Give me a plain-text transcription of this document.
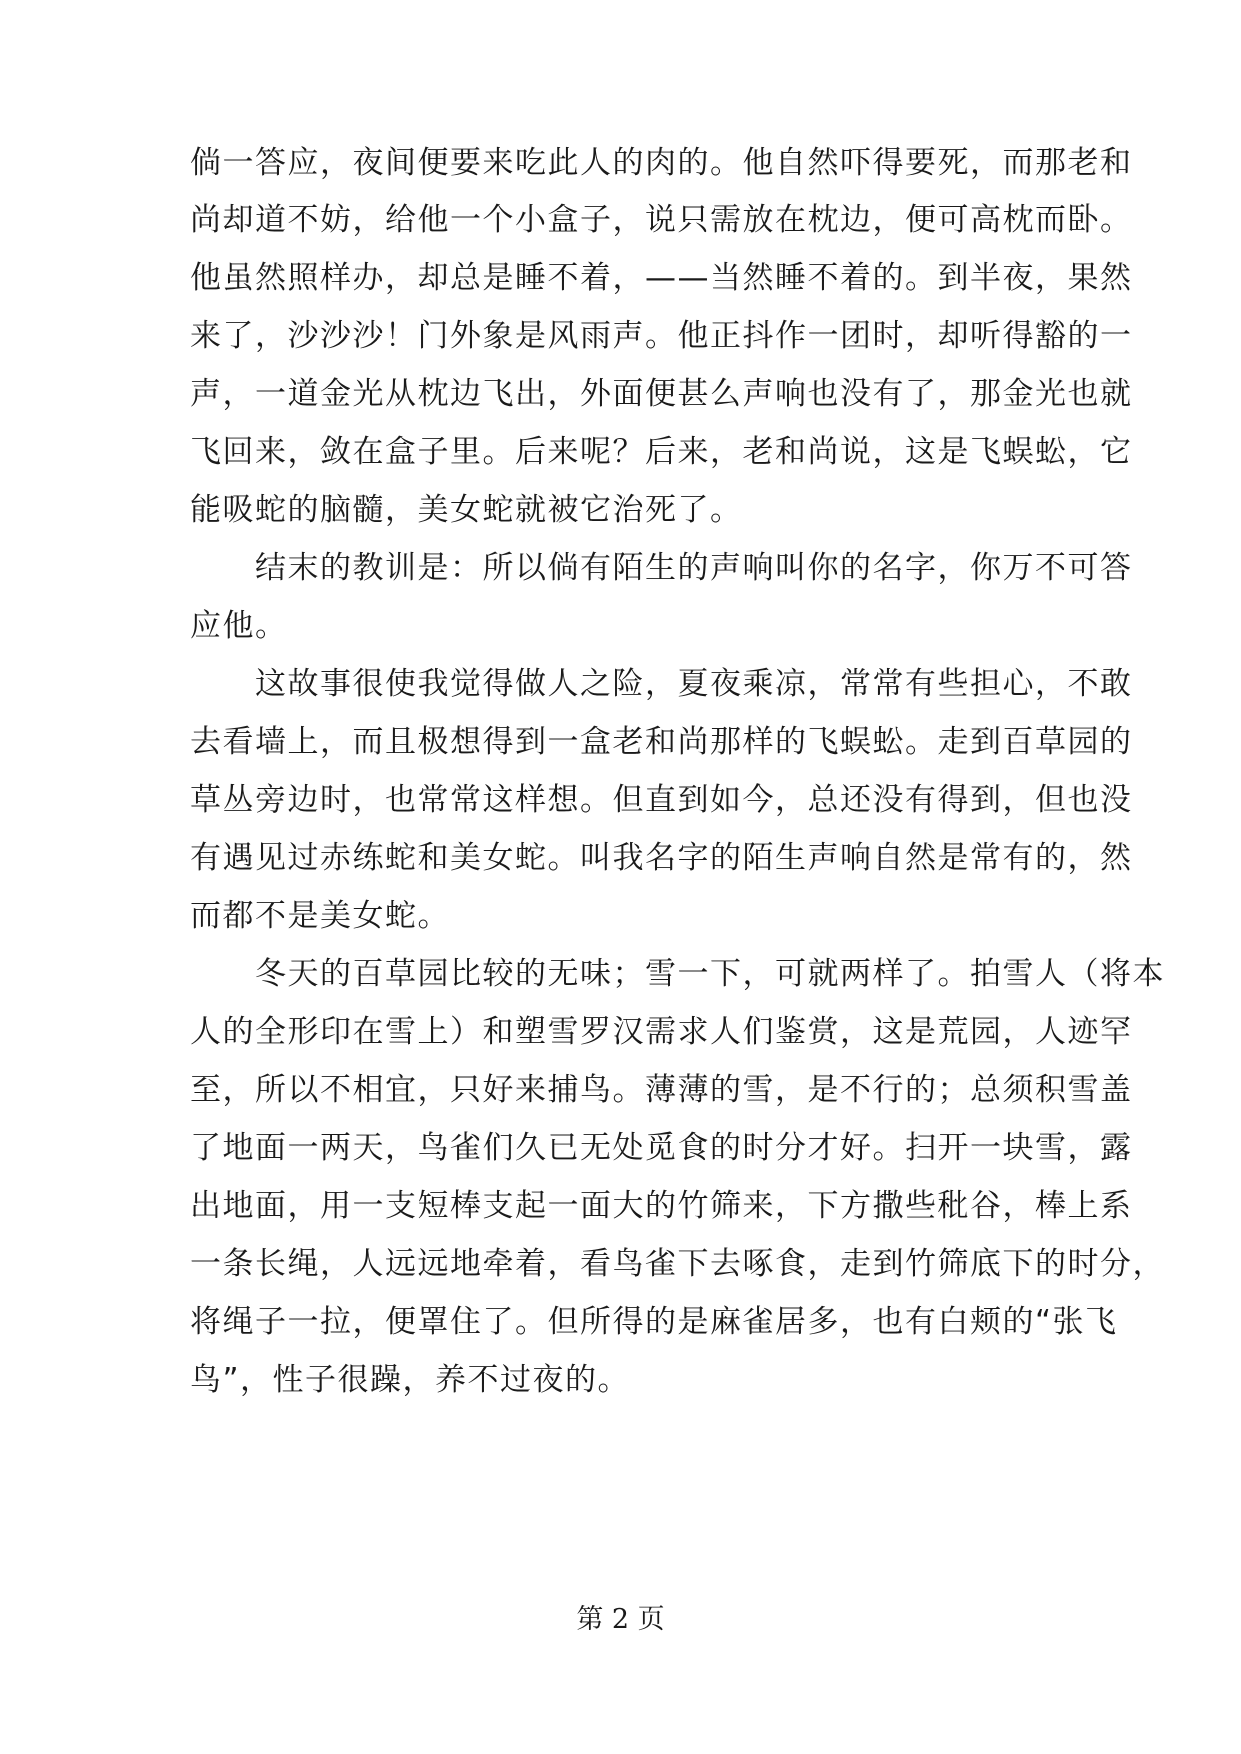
倘一答应，夜间便要来吃此人的肉的。他自然吓得要死，而那老和
尚却道不妨，给他一个小盒子，说只需放在枕边，便可高枕而卧。
他虽然照样办，却总是睡不着，——当然睡不着的。到半夜，果然
来了，沙沙沙！门外象是风雨声。他正抖作一团时，却听得豁的一
声，一道金光从枕边飞出，外面便甚么声响也没有了，那金光也就
飞回来，敛在盒子里。后来呢？后来，老和尚说，这是飞蜈蚣，它
能吸蛇的脑髓，美女蛇就被它治死了。
　　结末的教训是：所以倘有陌生的声响叫你的名字，你万不可答
应他。
　　这故事很使我觉得做人之险，夏夜乘凉，常常有些担心，不敢
去看墙上，而且极想得到一盒老和尚那样的飞蜈蚣。走到百草园的
草丛旁边时，也常常这样想。但直到如今，总还没有得到，但也没
有遇见过赤练蛇和美女蛇。叫我名字的陌生声响自然是常有的，然
而都不是美女蛇。
　　冬天的百草园比较的无味；雪一下，可就两样了。拍雪人（将本
人的全形印在雪上）和塑雪罗汉需求人们鉴赏，这是荒园，人迹罕
至，所以不相宜，只好来捕鸟。薄薄的雪，是不行的；总须积雪盖
了地面一两天，鸟雀们久已无处觅食的时分才好。扫开一块雪，露
出地面，用一支短棒支起一面大的竹筛来，下方撒些秕谷，棒上系
一条长绳，人远远地牵着，看鸟雀下去啄食，走到竹筛底下的时分，
将绳子一拉，便罩住了。但所得的是麻雀居多，也有白颊的“张飞
鸟”，性子很躁，养不过夜的。
第 2 页
